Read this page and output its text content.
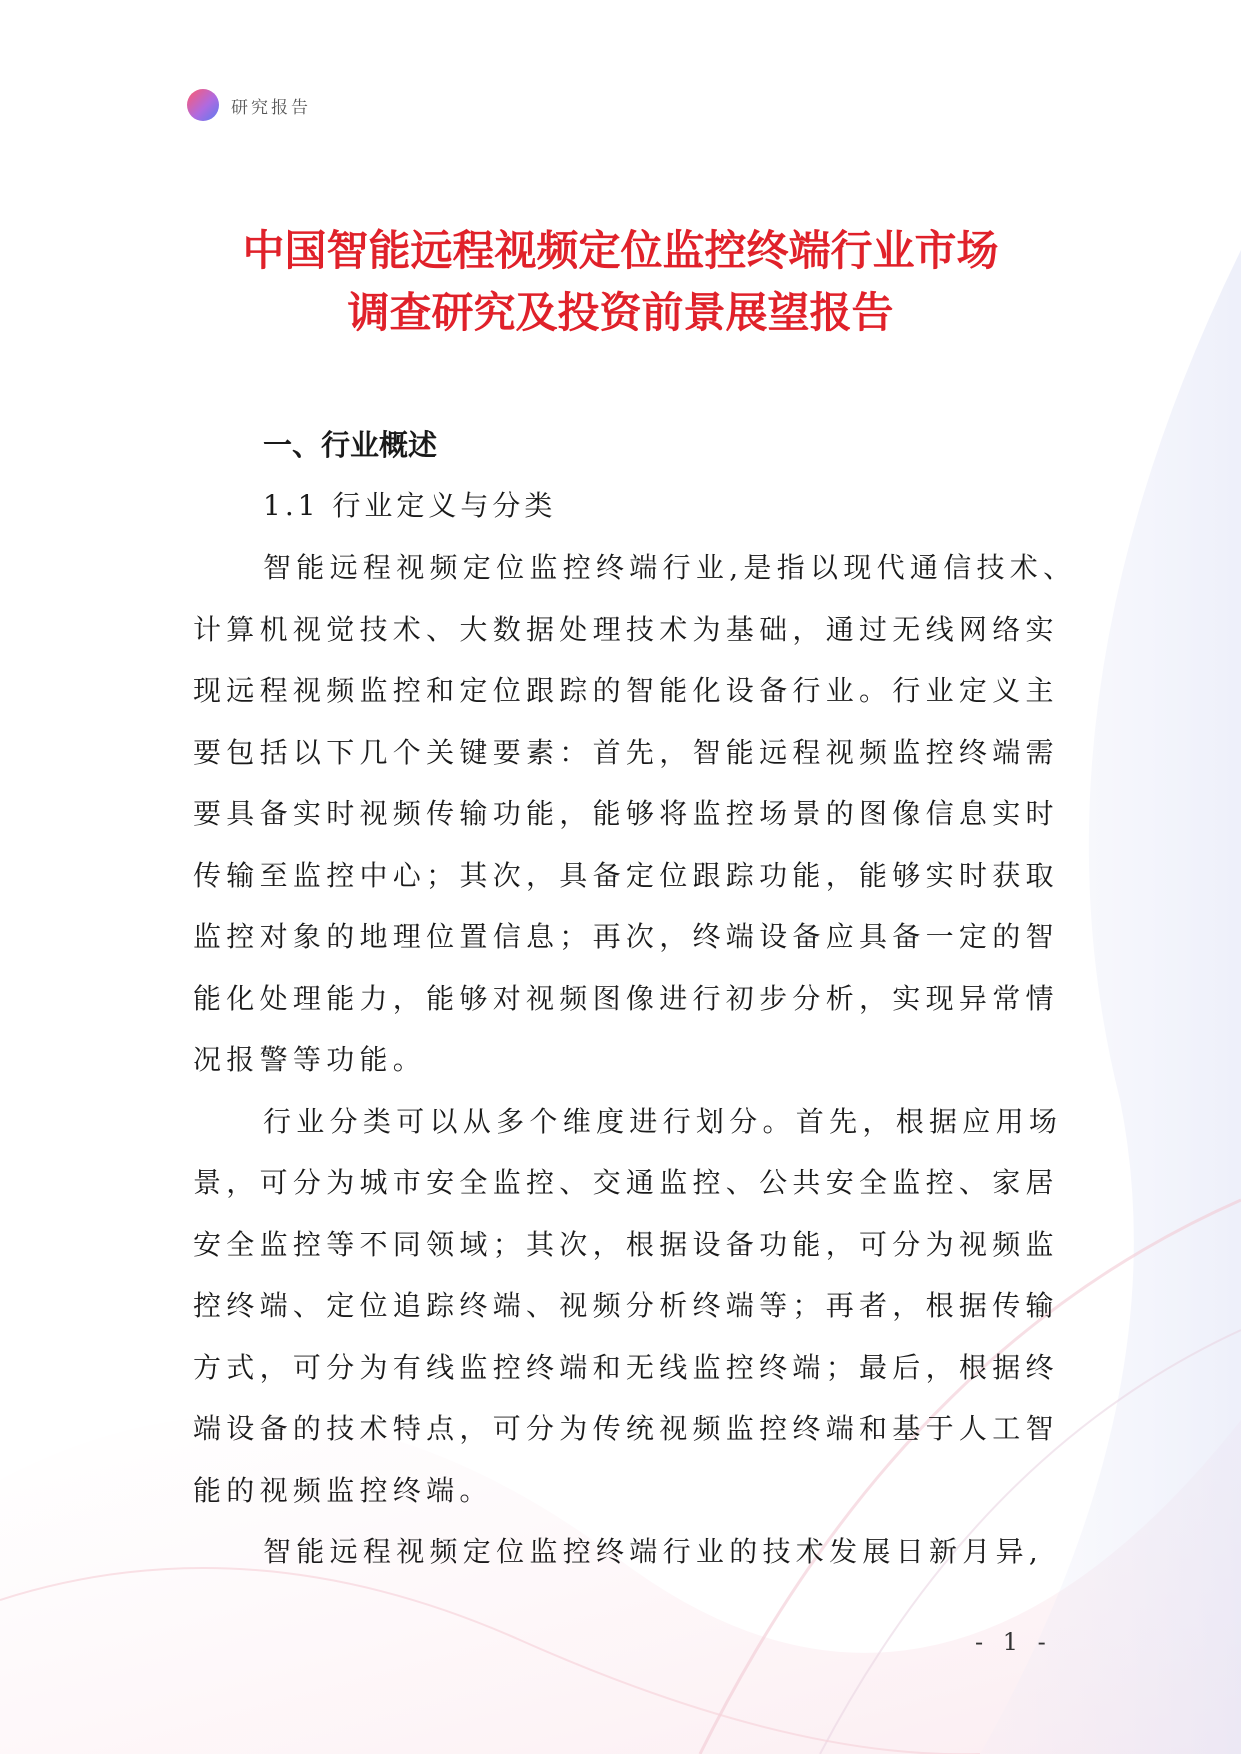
研究报告
中国智能远程视频定位监控终端行业市场
调查研究及投资前景展望报告
一、行业概述
1.1 行业定义与分类

智能远程视频定位监控终端行业,是指以现代通信技术、
计算机视觉技术、大数据处理技术为基础，通过无线网络实
现远程视频监控和定位跟踪的智能化设备行业。行业定义主
要包括以下几个关键要素：首先，智能远程视频监控终端需
要具备实时视频传输功能，能够将监控场景的图像信息实时
传输至监控中心；其次，具备定位跟踪功能，能够实时获取
监控对象的地理位置信息；再次，终端设备应具备一定的智
能化处理能力，能够对视频图像进行初步分析，实现异常情
况报警等功能。

行业分类可以从多个维度进行划分。首先，根据应用场
景，可分为城市安全监控、交通监控、公共安全监控、家居
安全监控等不同领域；其次，根据设备功能，可分为视频监
控终端、定位追踪终端、视频分析终端等；再者，根据传输
方式，可分为有线监控终端和无线监控终端；最后，根据终
端设备的技术特点，可分为传统视频监控终端和基于人工智
能的视频监控终端。

智能远程视频定位监控终端行业的技术发展日新月异,

- 1 -
